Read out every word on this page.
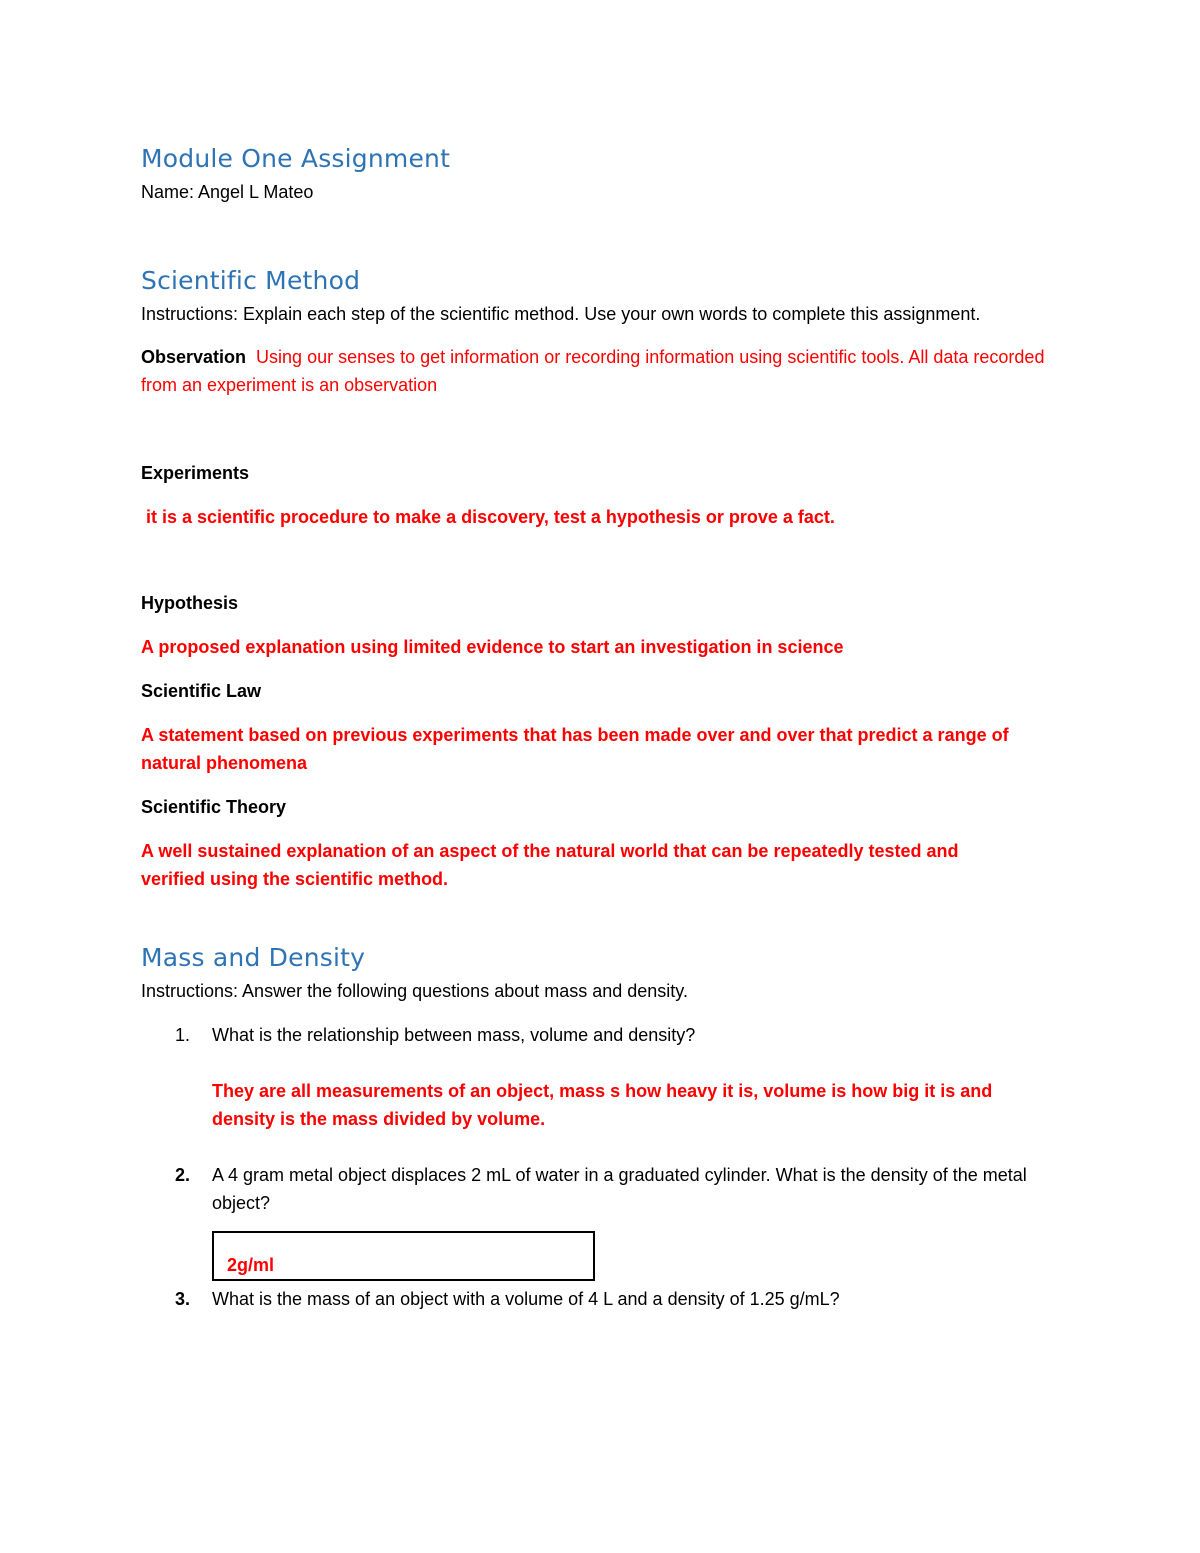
Module One Assignment

Name: Angel L Mateo

Scientific Method

Instructions: Explain each step of the scientific method. Use your own words to complete this assignment.

Observation Using our senses to get information or recording information using scientific tools. All data recorded from an experiment is an observation

Experiments

it is a scientific procedure to make a discovery, test a hypothesis or prove a fact.

Hypothesis

A proposed explanation using limited evidence to start an investigation in science

Scientific Law

A statement based on previous experiments that has been made over and over that predict a range of natural phenomena

Scientific Theory

A well sustained explanation of an aspect of the natural world that can be repeatedly tested and verified using the scientific method.

Mass and Density

Instructions: Answer the following questions about mass and density.

1. What is the relationship between mass, volume and density?

They are all measurements of an object, mass s how heavy it is, volume is how big it is and density is the mass divided by volume.

2. A 4 gram metal object displaces 2 mL of water in a graduated cylinder. What is the density of the metal object?
2g/ml
3. What is the mass of an object with a volume of 4 L and a density of 1.25 g/mL?
